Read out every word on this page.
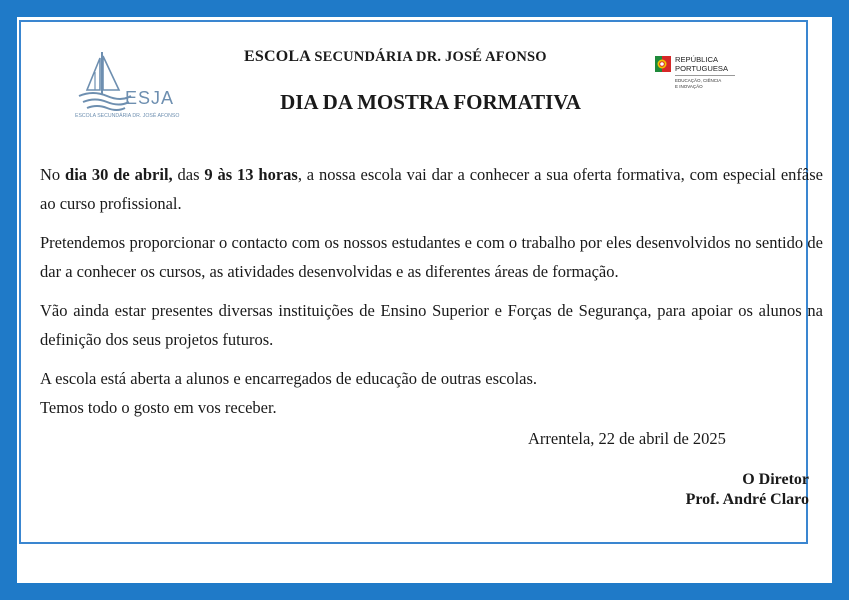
ESJA
ESCOLA SECUNDÁRIA DR. JOSÉ AFONSO
ESCOLA SECUNDÁRIA DR. JOSÉ AFONSO
DIA DA MOSTRA FORMATIVA
REPÚBLICA
PORTUGUESA
EDUCAÇÃO, CIÊNCIA
E INOVAÇÃO

No dia 30 de abril, das 9 às 13 horas, a nossa escola vai dar a conhecer a sua oferta formativa, com especial enfâse ao curso profissional.

Pretendemos proporcionar o contacto com os nossos estudantes e com o trabalho por eles desenvolvidos no sentido de dar a conhecer os cursos, as atividades desenvolvidas e as diferentes áreas de formação.

Vão ainda estar presentes diversas instituições de Ensino Superior e Forças de Segurança, para apoiar os alunos na definição dos seus projetos futuros.

A escola está aberta a alunos e encarregados de educação de outras escolas.

Temos todo o gosto em vos receber.

Arrentela, 22 de abril de 2025
O Diretor
Prof. André Claro
